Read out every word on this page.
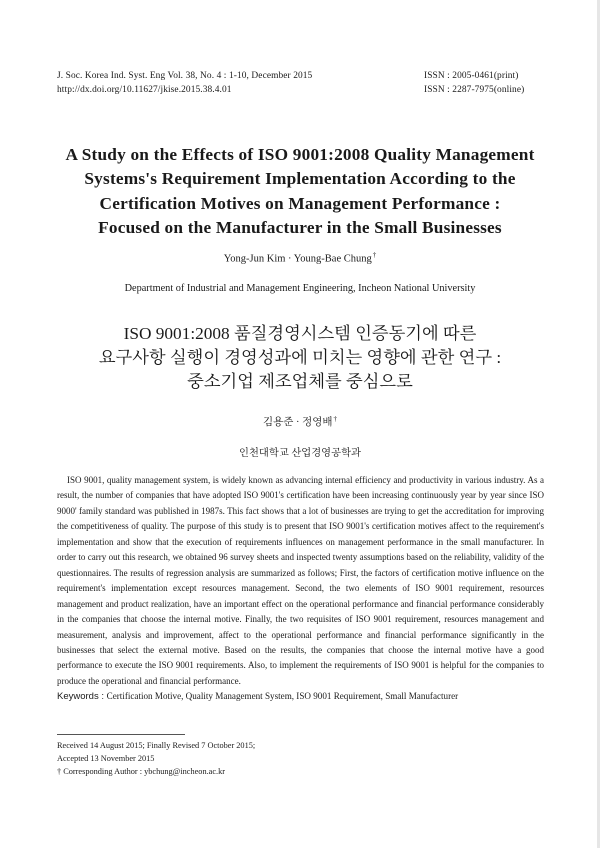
J. Soc. Korea Ind. Syst. Eng Vol. 38, No. 4 : 1-10, December 2015
http://dx.doi.org/10.11627/jkise.2015.38.4.01
ISSN : 2005-0461(print)
ISSN : 2287-7975(online)
A Study on the Effects of ISO 9001:2008 Quality Management
Systems's Requirement Implementation According to the
Certification Motives on Management Performance :
Focused on the Manufacturer in the Small Businesses
Yong-Jun Kim · Young-Bae Chung†
Department of Industrial and Management Engineering, Incheon National University
ISO 9001:2008 품질경영시스템 인증동기에 따른
요구사항 실행이 경영성과에 미치는 영향에 관한 연구 :
중소기업 제조업체를 중심으로
김용준 · 정영배†
인천대학교 산업경영공학과

ISO 9001, quality management system, is widely known as advancing internal efficiency and productivity in various industry. As a result, the number of companies that have adopted ISO 9001's certification have been increasing continuously year by year since ISO 9000' family standard was published in 1987s. This fact shows that a lot of businesses are trying to get the accreditation for improving the competitiveness of quality. The purpose of this study is to present that ISO 9001's certification motives affect to the requirement's implementation and show that the execution of requirements influences on management performance in the small manufacturer. In order to carry out this research, we obtained 96 survey sheets and inspected twenty assumptions based on the reliability, validity of the questionnaires. The results of regression analysis are summarized as follows; First, the factors of certification motive influence on the requirement's implementation except resources management. Second, the two elements of ISO 9001 requirement, resources management and product realization, have an important effect on the operational performance and financial performance considerably in the companies that choose the internal motive. Finally, the two requisites of ISO 9001 requirement, resources management and measurement, analysis and improvement, affect to the operational performance and financial performance significantly in the businesses that select the external motive. Based on the results, the companies that choose the internal motive have a good performance to execute the ISO 9001 requirements. Also, to implement the requirements of ISO 9001 is helpful for the companies to produce the operational and financial performance.

Keywords : Certification Motive, Quality Management System, ISO 9001 Requirement, Small Manufacturer
Received 14 August 2015; Finally Revised 7 October 2015;
Accepted 13 November 2015
† Corresponding Author : ybchung@incheon.ac.kr
